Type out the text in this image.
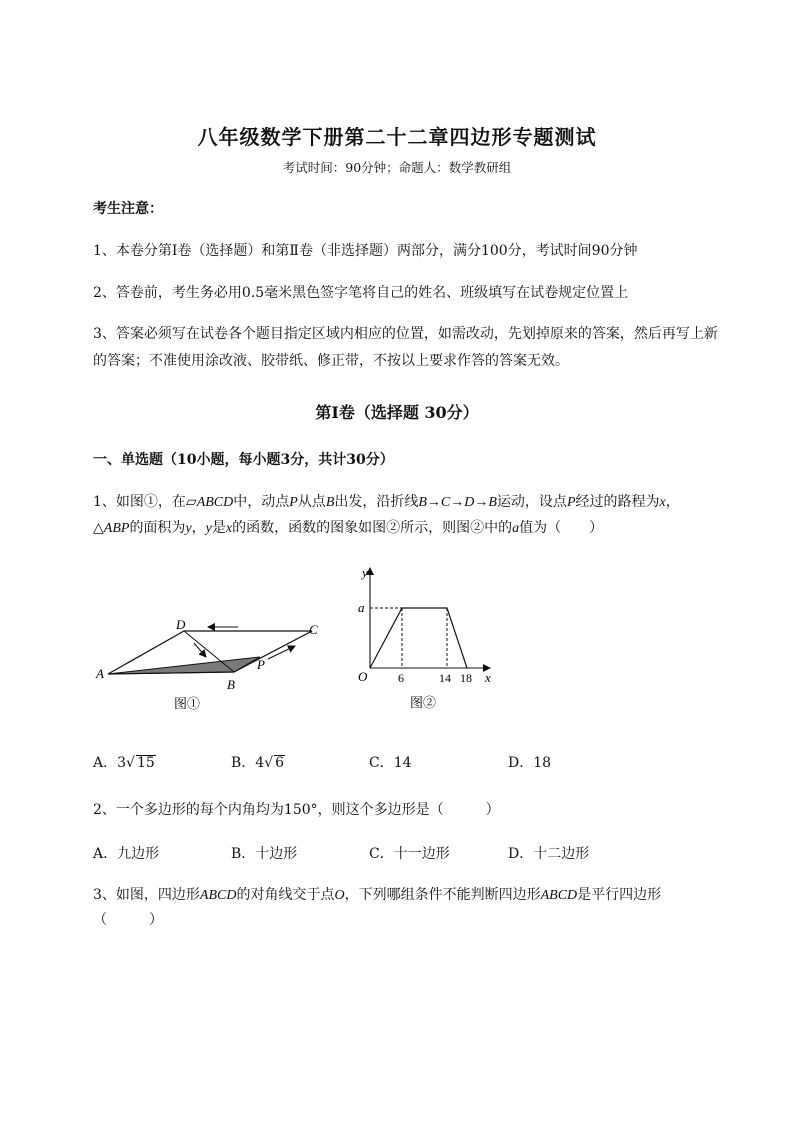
八年级数学下册第二十二章四边形专题测试
考试时间：90分钟；命题人：数学教研组
考生注意：
1、本卷分第I卷（选择题）和第Ⅱ卷（非选择题）两部分，满分100分，考试时间90分钟
2、答卷前，考生务必用0.5毫米黑色签字笔将自己的姓名、班级填写在试卷规定位置上
3、答案必须写在试卷各个题目指定区域内相应的位置，如需改动，先划掉原来的答案，然后再写上新
的答案；不准使用涂改液、胶带纸、修正带，不按以上要求作答的答案无效。
第I卷（选择题 30分）
一、单选题（10小题，每小题3分，共计30分）
1、如图①，在▱ABCD中，动点P从点B出发，沿折线B→C→D→B运动，设点P经过的路程为x，
△ABP的面积为y，y是x的函数，函数的图象如图②所示，则图②中的a值为（　　）
A
B
C
D
P
图①
y
a
O	6	14 18 x
图②
A．3√ 15	B．4√ 6	C．14	D．18
2、一个多边形的每个内角均为150°，则这个多边形是（　　　）
A．九边形	B．十边形	C．十一边形	D．十二边形
3、如图，四边形ABCD的对角线交于点O，下列哪组条件不能判断四边形ABCD是平行四边形
（　　　）
